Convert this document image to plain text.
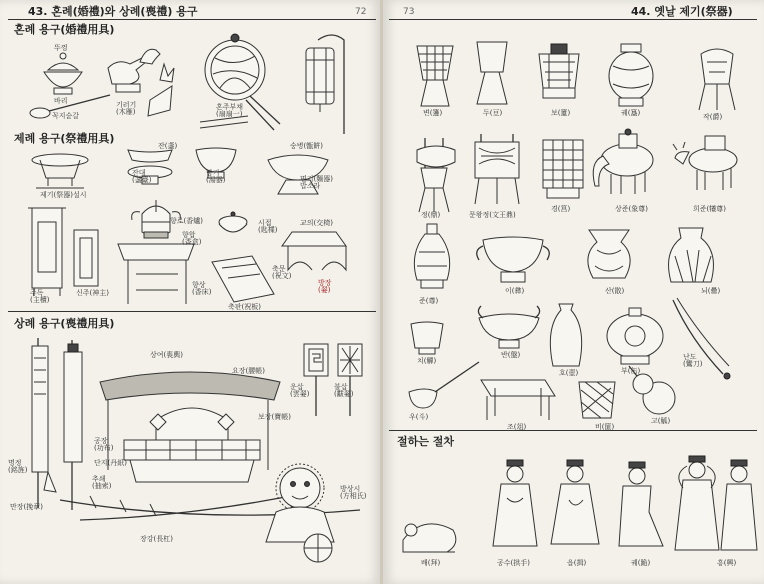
43. 혼례(婚禮)와 상례(喪禮) 용구	72
혼례 용구(婚禮用具)
제례 용구(祭禮用具)
상례 용구(喪禮用具)
뚜껑
바리
꼭지숟갈
기러기
(木雁)
혼주부채
(扇扇一)
제기(祭器)설시
잔(盞)
잔대
(盞臺)
탕기
(湯器)
숭병(甑餠)
면기(麵器)
밥소라
주독
(主櫝)
신주(神主)
향로(香爐)
향합
(香盒)
향상
(香床)
시접
(匙楪)
축판(祝板)
축문
(祝文)
교의(交椅)
방장
(翣)
상여(喪輿)
요장(腰帳)
보장(寶帳)
운삽
(雲翣)
불삽
(黻翣)
명정
(銘旌)
공장
(功布)
만장(挽章)
장강(長杠)
방상시
(方相氏)
단지(丹紙)
추쇄
(抽索)
73	44. 옛날 제기(祭器)
절하는 절차
변(籩)	두(豆)	보(簠)	궤(簋)	작(爵)
정(鼎)	문왕정(文王鼎)
경(筥)	상준(象尊)	희준(犧尊)
준(尊)
이(彝)	산(散)	뇌(罍)
치(觶)
반(盤)
호(壺)	부(缶)
난도
(鸞刀)
우(斗)
조(俎)	비(篚)
고(觚)
배(拜)	공수(拱手)	읍(揖)	궤(跪)	흥(興)
